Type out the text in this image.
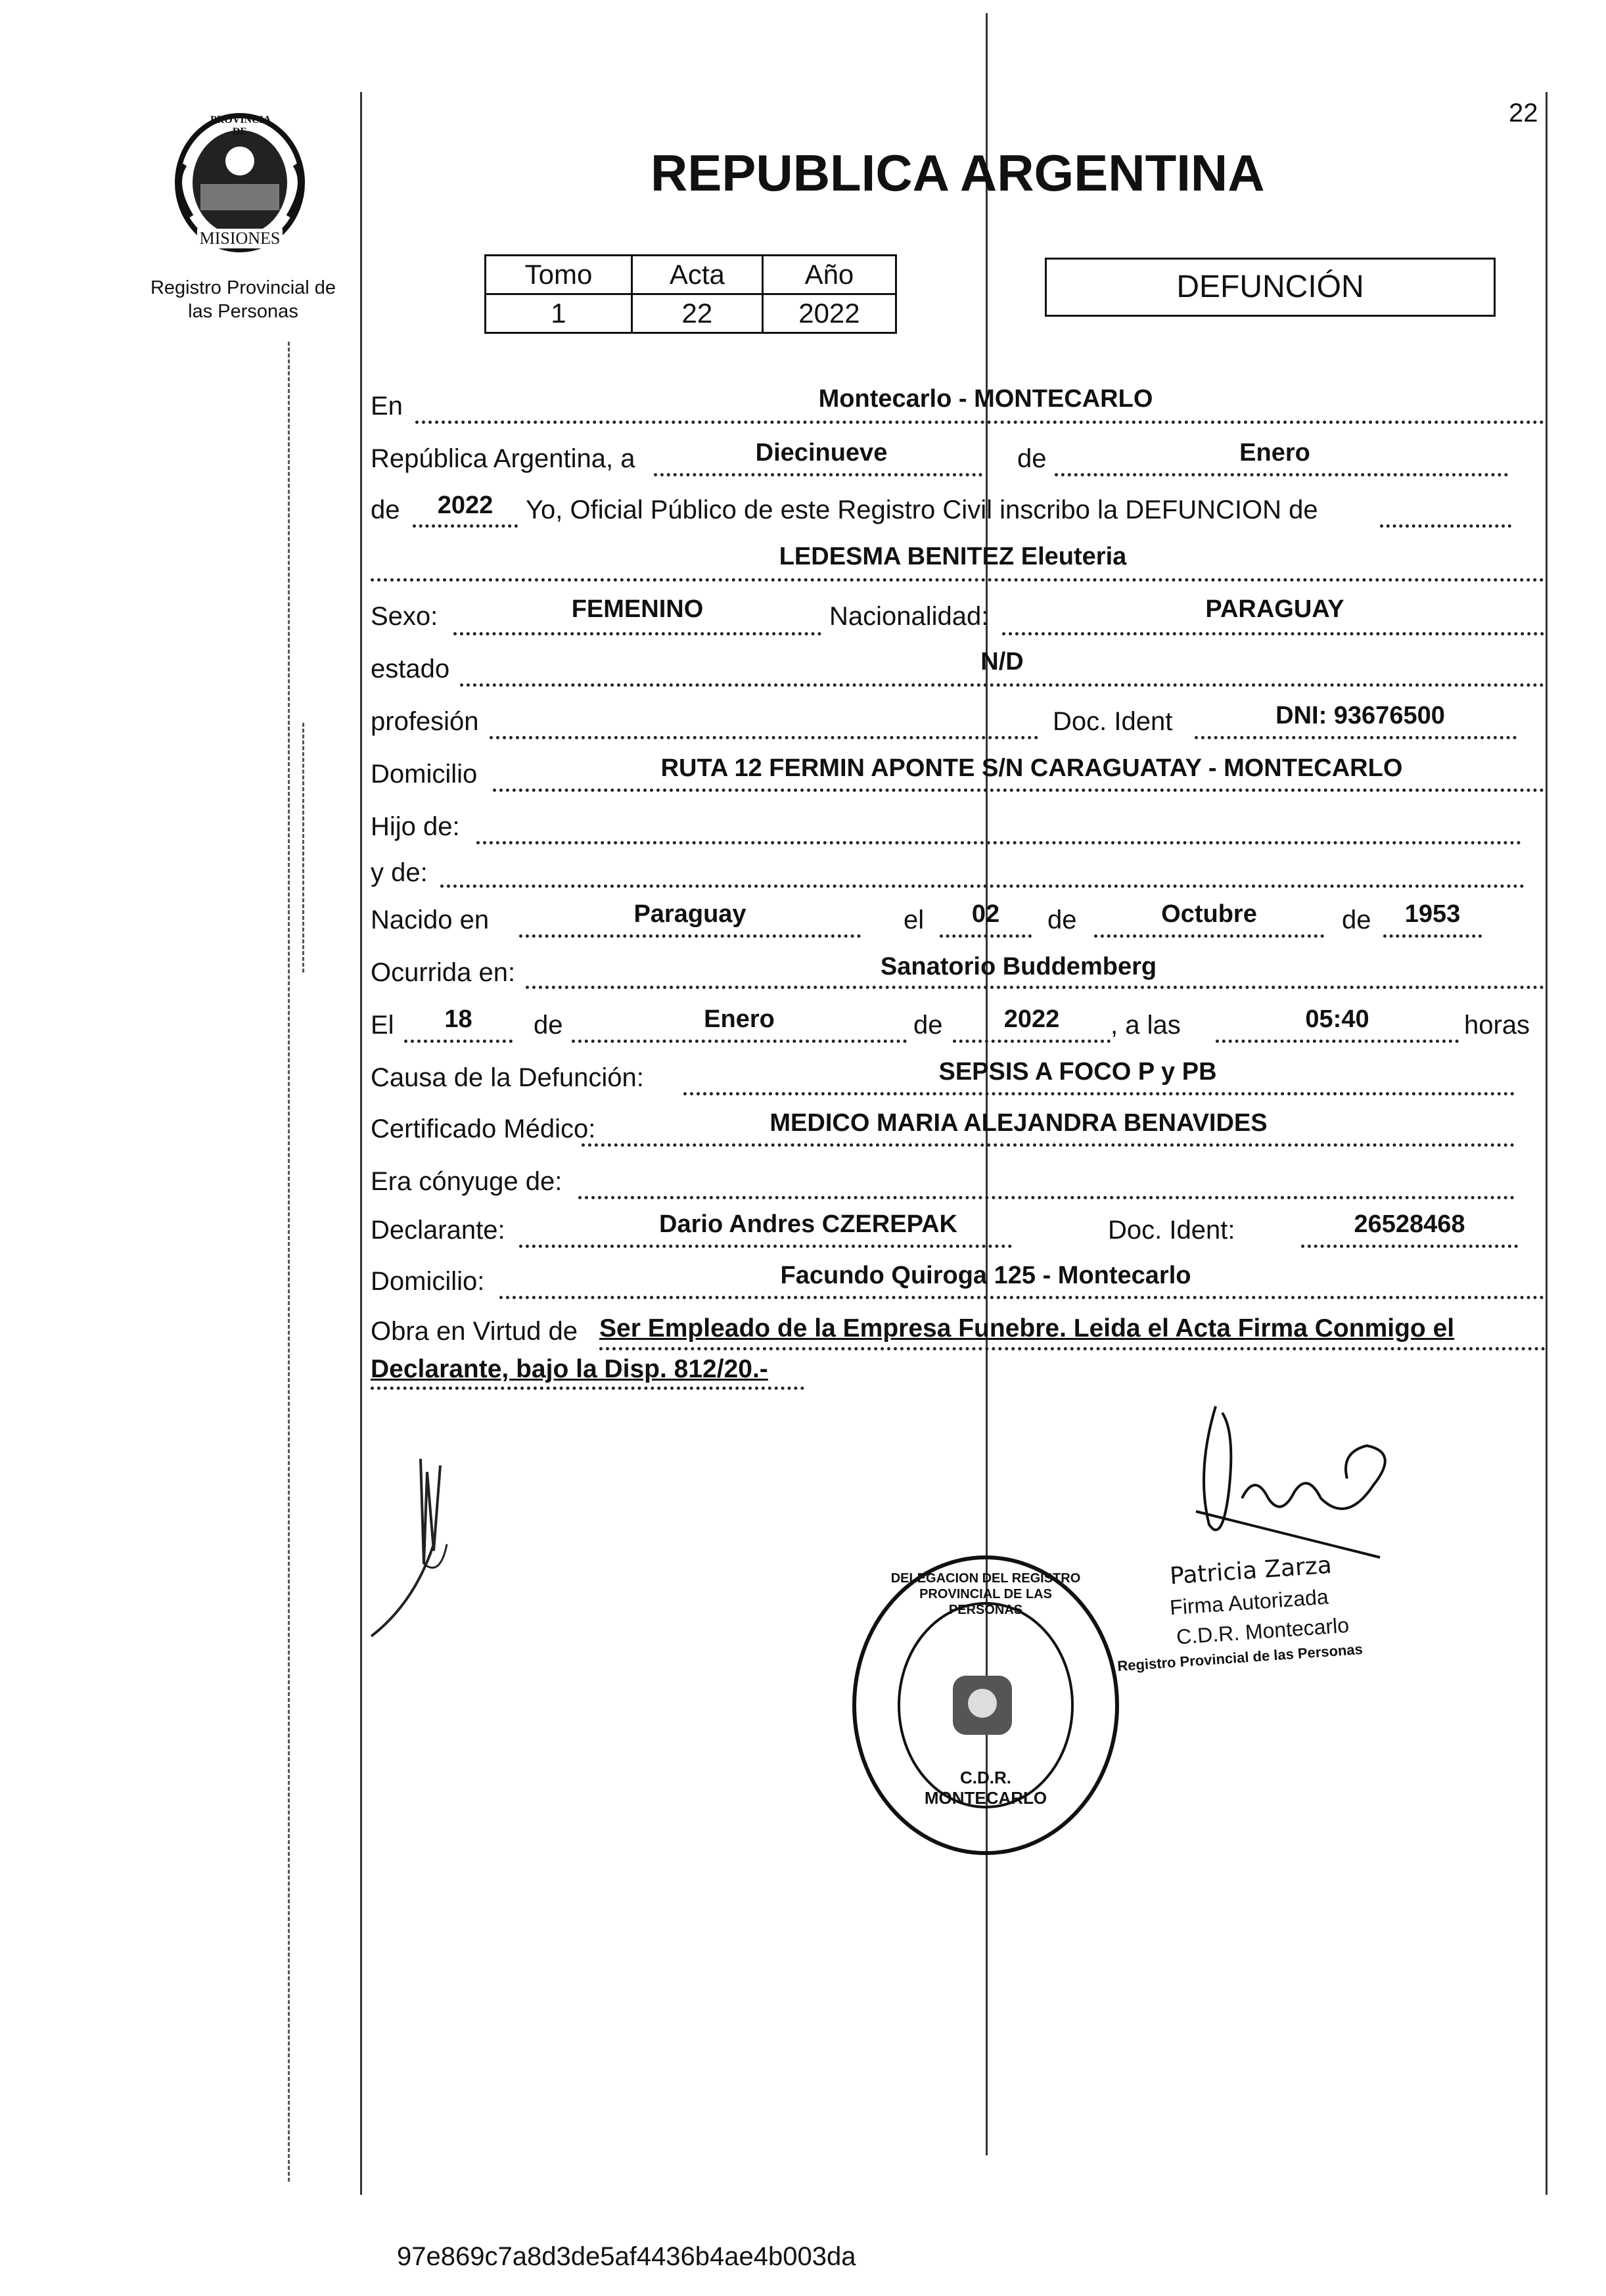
22
PROVINCIA DE
MISIONES
Registro Provincial de las Personas
REPUBLICA ARGENTINA
Tomo	Acta	Año
1	22	2022
DEFUNCIÓN
En	Montecarlo - MONTECARLO
República Argentina, a	Diecinueve	de	Enero
de	2022	Yo, Oficial Público de este Registro Civil inscribo la DEFUNCION de
LEDESMA BENITEZ Eleuteria
Sexo:	FEMENINO	Nacionalidad:	PARAGUAY
estado	N/D
profesión	Doc. Ident	DNI: 93676500
Domicilio	RUTA 12 FERMIN APONTE S/N CARAGUATAY - MONTECARLO
Hijo de:
y de:
Nacido en	Paraguay	el	02	de	Octubre	de	1953
Ocurrida en:	Sanatorio Buddemberg
El	18	de	Enero	de	2022	, a las	05:40	horas
Causa de la Defunción:	SEPSIS A FOCO P y PB
Certificado Médico:	MEDICO MARIA ALEJANDRA BENAVIDES
Era cónyuge de:
Declarante:	Dario Andres CZEREPAK	Doc. Ident:	26528468
Domicilio:	Facundo Quiroga 125 - Montecarlo
Obra en Virtud de Ser Empleado de la Empresa Funebre. Leida el Acta Firma Conmigo el
Declarante, bajo la Disp. 812/20.-
Patricia Zarza
Firma Autorizada
C.D.R. Montecarlo
Registro Provincial de las Personas
DELEGACION DEL REGISTRO PROVINCIAL DE LAS PERSONAS
C.D.R. MONTECARLO
97e869c7a8d3de5af4436b4ae4b003da
